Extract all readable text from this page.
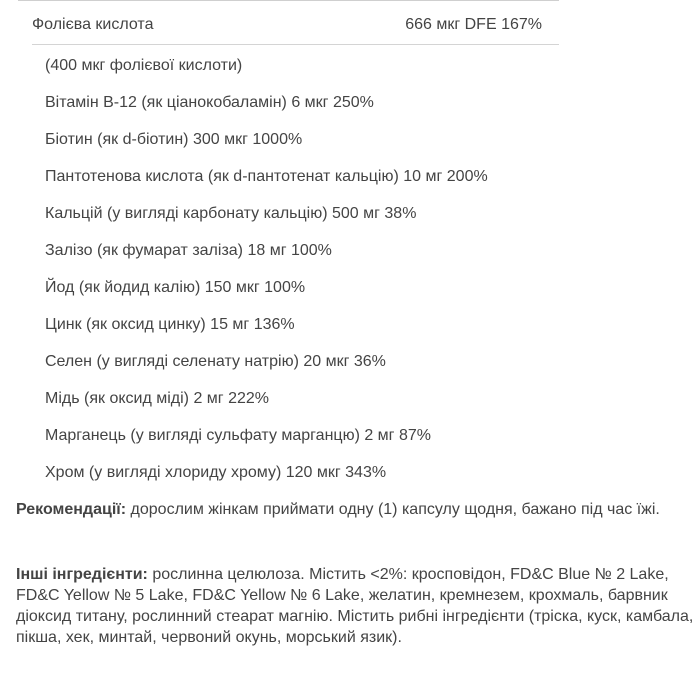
Фолієва кислота	666 мкг DFE 167%
(400 мкг фолієвої кислоти)
Вітамін В-12 (як ціанокобаламін) 6 мкг 250%
Біотин (як d-біотин) 300 мкг 1000%
Пантотенова кислота (як d-пантотенат кальцію) 10 мг 200%
Кальцій (у вигляді карбонату кальцію) 500 мг 38%
Залізо (як фумарат заліза) 18 мг 100%
Йод (як йодид калію) 150 мкг 100%
Цинк (як оксид цинку) 15 мг 136%
Селен (у вигляді селенату натрію) 20 мкг 36%
Мідь (як оксид міді) 2 мг 222%
Марганець (у вигляді сульфату марганцю) 2 мг 87%
Хром (у вигляді хлориду хрому) 120 мкг 343%

Рекомендації: дорослим жінкам приймати одну (1) капсулу щодня, бажано під час їжі.

Інші інгредієнти: рослинна целюлоза. Містить <2%: кросповідон, FD&C Blue № 2 Lake, FD&C Yellow № 5 Lake, FD&C Yellow № 6 Lake, желатин, кремнезем, крохмаль, барвник діоксид титану, рослинний стеарат магнію. Містить рибні інгредієнти (тріска, куск, камбала, пікша, хек, минтай, червоний окунь, морський язик).
